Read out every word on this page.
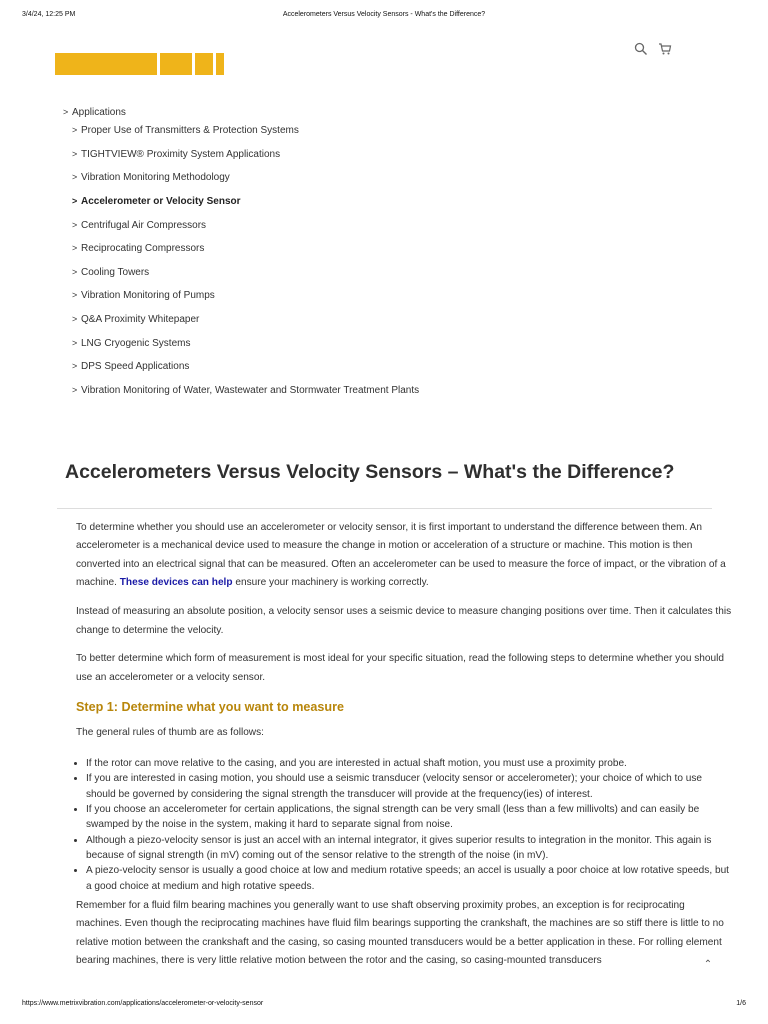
3/4/24, 12:25 PM	Accelerometers Versus Velocity Sensors - What's the Difference?
> Applications
> Proper Use of Transmitters & Protection Systems
> TIGHTVIEW® Proximity System Applications
> Vibration Monitoring Methodology
> Accelerometer or Velocity Sensor
> Centrifugal Air Compressors
> Reciprocating Compressors
> Cooling Towers
> Vibration Monitoring of Pumps
> Q&A Proximity Whitepaper
> LNG Cryogenic Systems
> DPS Speed Applications
> Vibration Monitoring of Water, Wastewater and Stormwater Treatment Plants
Accelerometers Versus Velocity Sensors – What's the Difference?

To determine whether you should use an accelerometer or velocity sensor, it is first important to understand the difference between them. An accelerometer is a mechanical device used to measure the change in motion or acceleration of a structure or machine. This motion is then converted into an electrical signal that can be measured. Often an accelerometer can be used to measure the force of impact, or the vibration of a machine. These devices can help ensure your machinery is working correctly.

Instead of measuring an absolute position, a velocity sensor uses a seismic device to measure changing positions over time. Then it calculates this change to determine the velocity.

To better determine which form of measurement is most ideal for your specific situation, read the following steps to determine whether you should use an accelerometer or a velocity sensor.

Step 1: Determine what you want to measure

The general rules of thumb are as follows:

• If the rotor can move relative to the casing, and you are interested in actual shaft motion, you must use a proximity probe.
• If you are interested in casing motion, you should use a seismic transducer (velocity sensor or accelerometer); your choice of which to use should be governed by considering the signal strength the transducer will provide at the frequency(ies) of interest.
• If you choose an accelerometer for certain applications, the signal strength can be very small (less than a few millivolts) and can easily be swamped by the noise in the system, making it hard to separate signal from noise.
• Although a piezo-velocity sensor is just an accel with an internal integrator, it gives superior results to integration in the monitor. This again is because of signal strength (in mV) coming out of the sensor relative to the strength of the noise (in mV).
• A piezo-velocity sensor is usually a good choice at low and medium rotative speeds; an accel is usually a poor choice at low rotative speeds, but a good choice at medium and high rotative speeds.

Remember for a fluid film bearing machines you generally want to use shaft observing proximity probes, an exception is for reciprocating machines. Even though the reciprocating machines have fluid film bearings supporting the crankshaft, the machines are so stiff there is little to no relative motion between the crankshaft and the casing, so casing mounted transducers would be a better application in these. For rolling element bearing machines, there is very little relative motion between the rotor and the casing, so casing-mounted transducers	⌃
https://www.metrixvibration.com/applications/accelerometer-or-velocity-sensor	1/6
